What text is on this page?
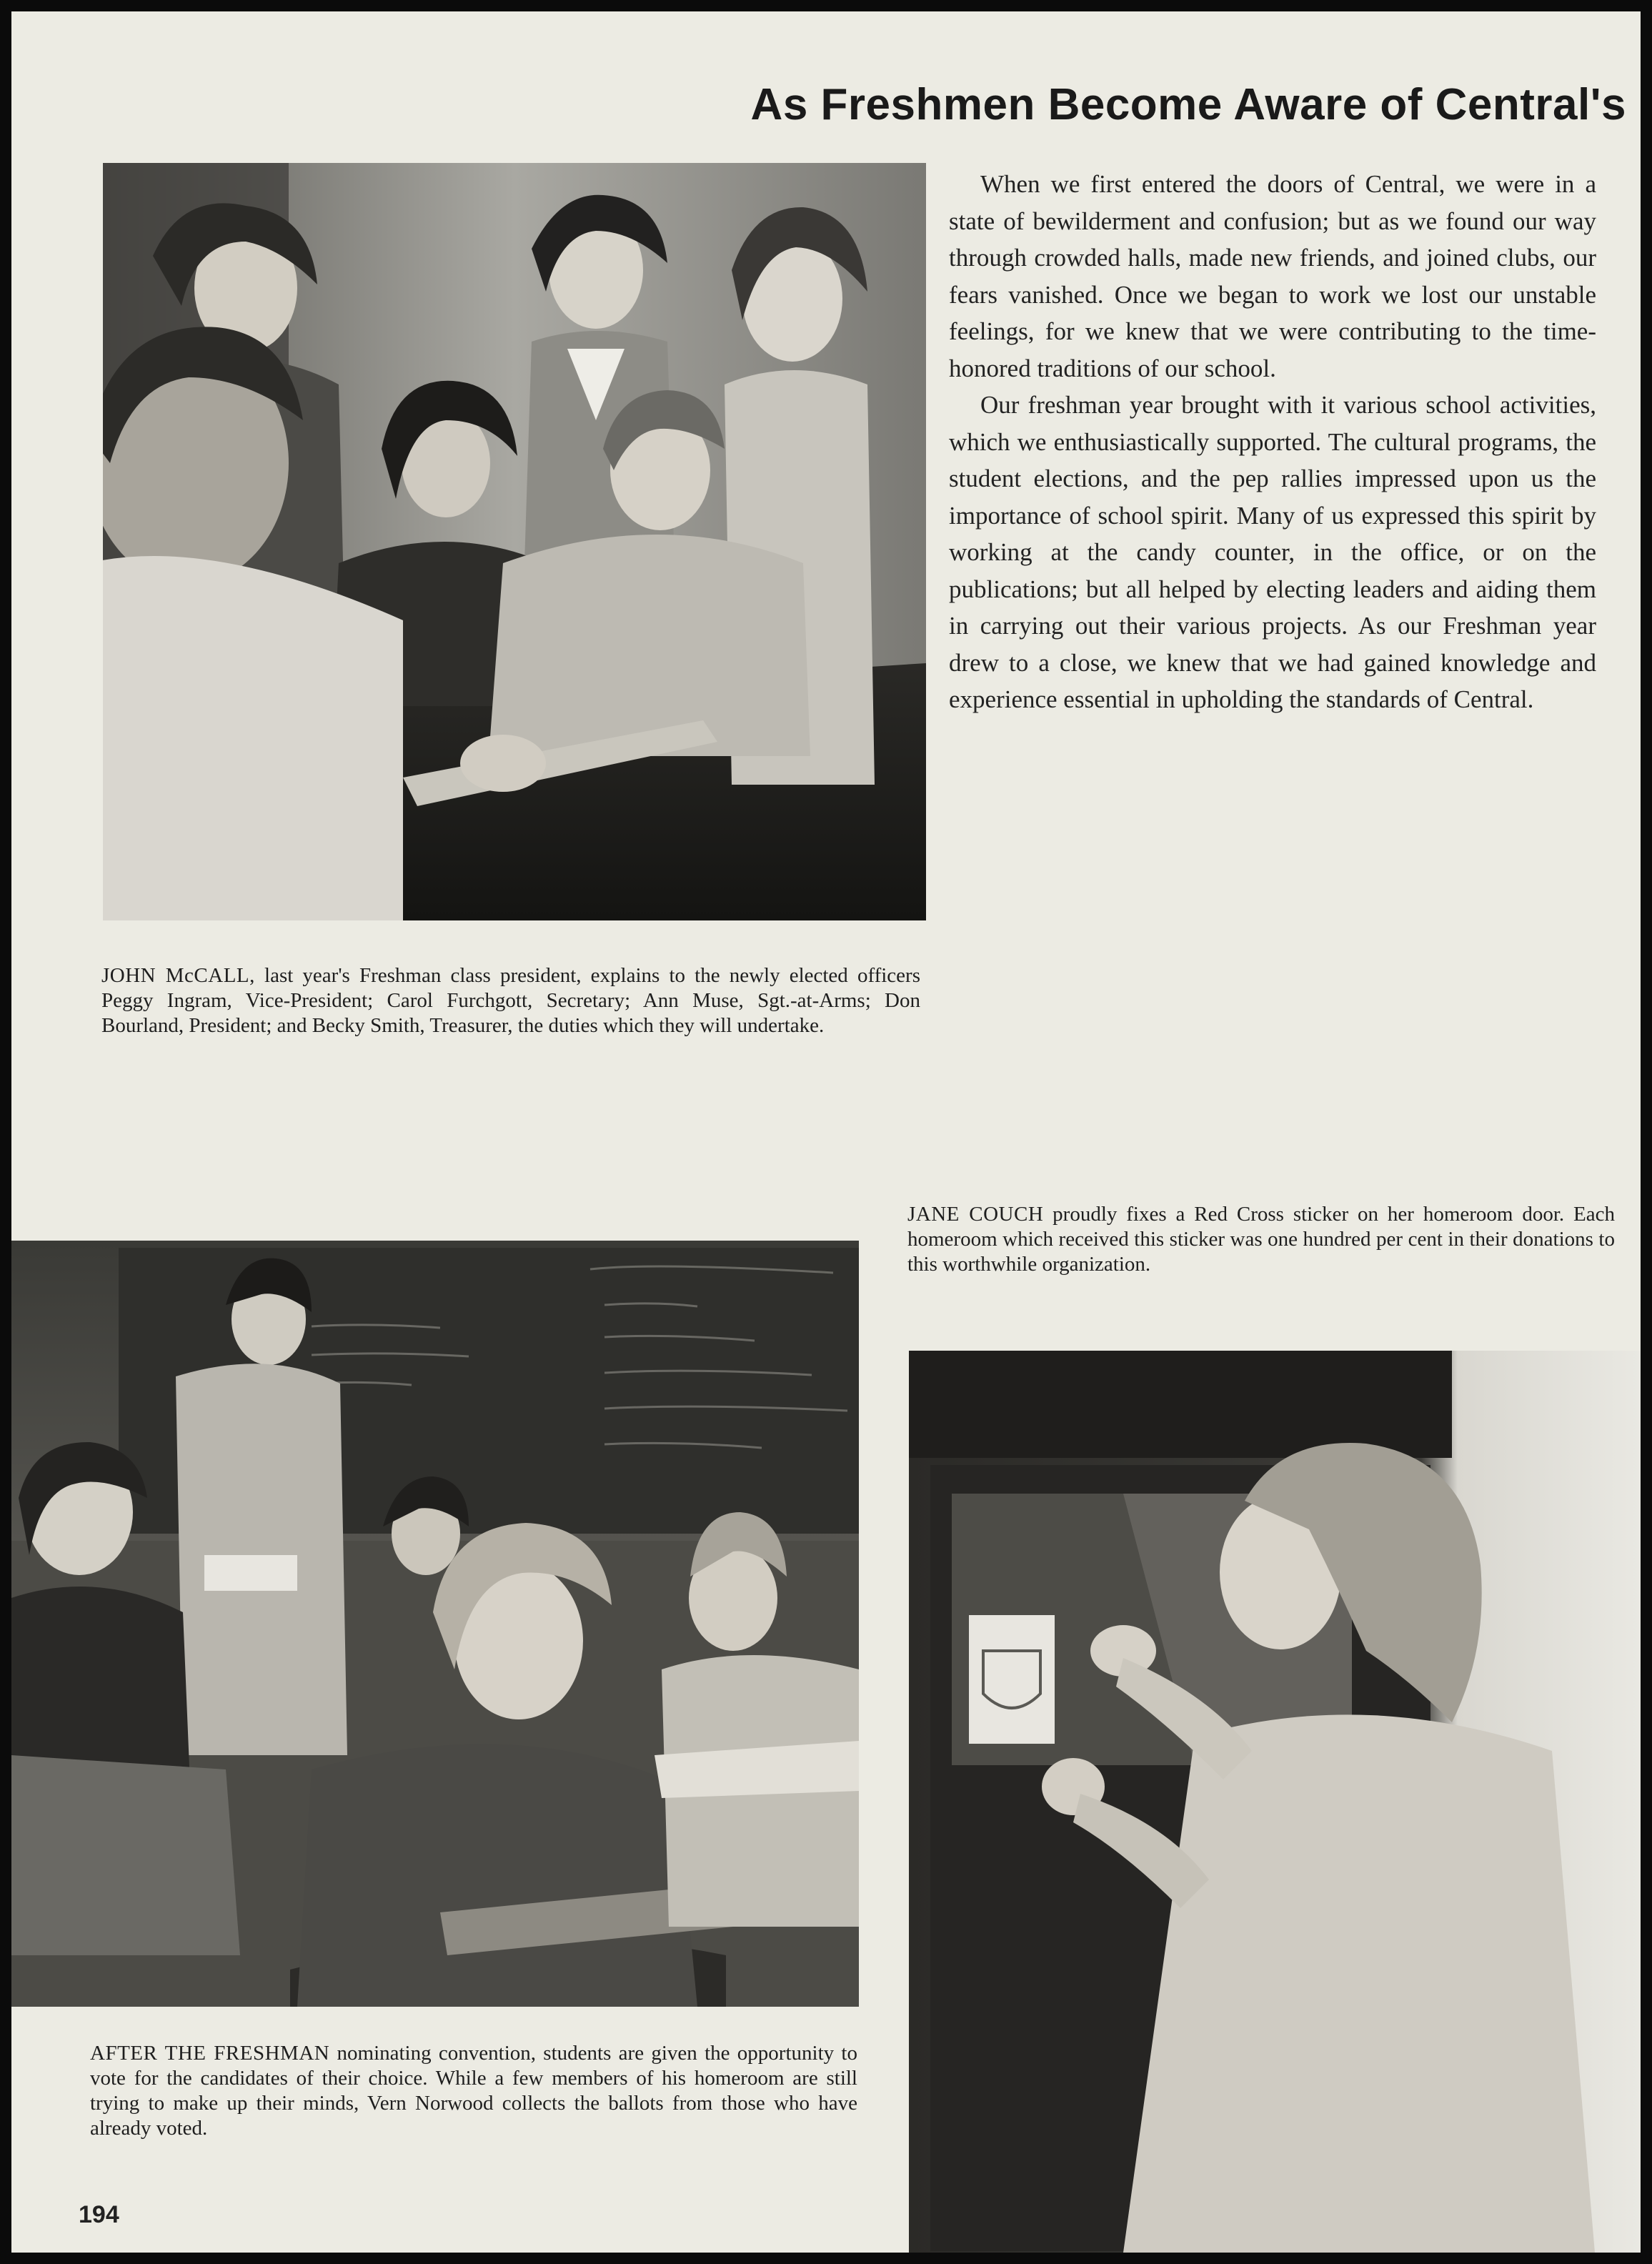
As Freshmen Become Aware of Central's

When we first entered the doors of Central, we were in a state of bewilderment and confusion; but as we found our way through crowded halls, made new friends, and joined clubs, our fears vanished. Once we began to work we lost our unstable feelings, for we knew that we were contributing to the time-honored traditions of our school.

Our freshman year brought with it various school activities, which we enthusiastically supported. The cultural programs, the student elections, and the pep rallies impressed upon us the importance of school spirit. Many of us expressed this spirit by working at the candy counter, in the office, or on the publications; but all helped by electing leaders and aiding them in carrying out their various projects. As our Freshman year drew to a close, we knew that we had gained knowledge and experience essential in upholding the standards of Central.

JOHN McCALL, last year's Freshman class president, explains to the newly elected officers Peggy Ingram, Vice-President; Carol Furchgott, Secretary; Ann Muse, Sgt.-at-Arms; Don Bourland, President; and Becky Smith, Treasurer, the duties which they will undertake.

JANE COUCH proudly fixes a Red Cross sticker on her homeroom door. Each homeroom which received this sticker was one hundred per cent in their donations to this worthwhile organization.

AFTER THE FRESHMAN nominating convention, students are given the opportunity to vote for the candidates of their choice. While a few members of his homeroom are still trying to make up their minds, Vern Norwood collects the ballots from those who have already voted.

194
